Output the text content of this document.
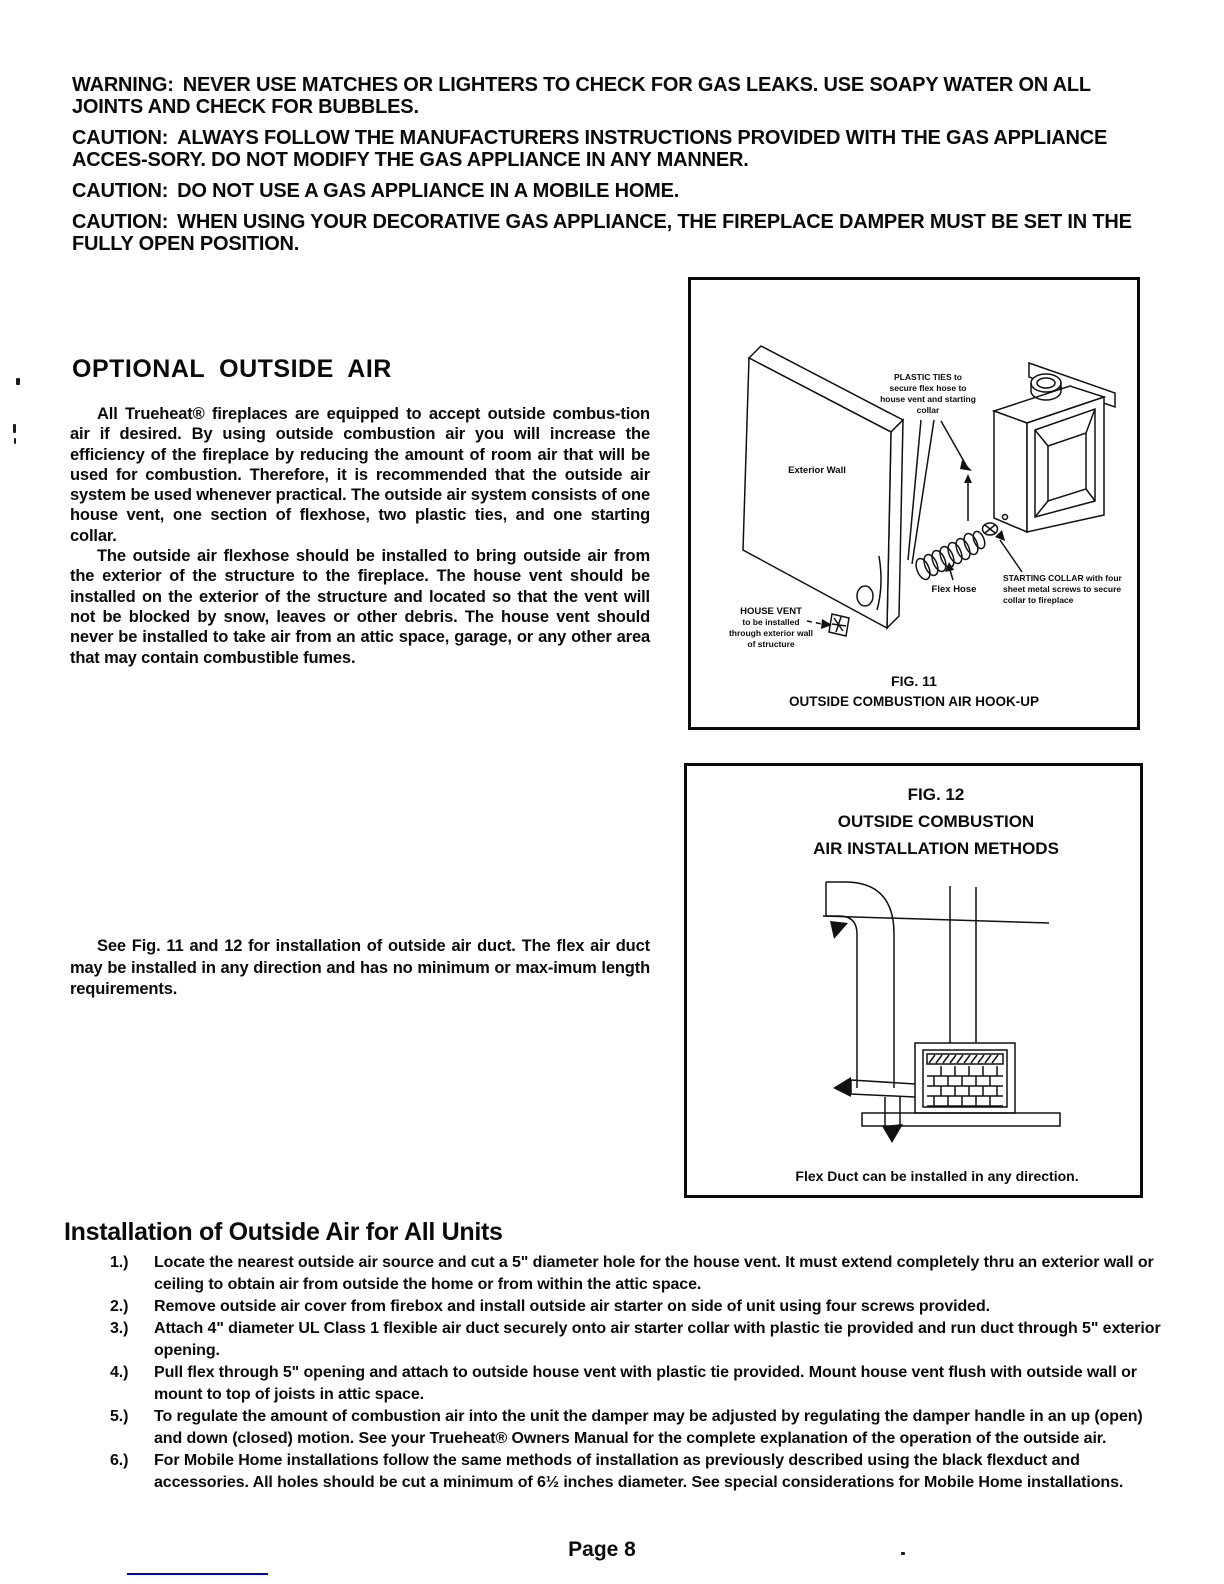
WARNING: NEVER USE MATCHES OR LIGHTERS TO CHECK FOR GAS LEAKS. USE SOAPY WATER ON ALL JOINTS AND CHECK FOR BUBBLES.

CAUTION: ALWAYS FOLLOW THE MANUFACTURERS INSTRUCTIONS PROVIDED WITH THE GAS APPLIANCE ACCES-SORY. DO NOT MODIFY THE GAS APPLIANCE IN ANY MANNER.

CAUTION: DO NOT USE A GAS APPLIANCE IN A MOBILE HOME.

CAUTION: WHEN USING YOUR DECORATIVE GAS APPLIANCE, THE FIREPLACE DAMPER MUST BE SET IN THE FULLY OPEN POSITION.

OPTIONAL OUTSIDE AIR

All Trueheat® fireplaces are equipped to accept outside combus-tion air if desired. By using outside combustion air you will increase the efficiency of the fireplace by reducing the amount of room air that will be used for combustion. Therefore, it is recommended that the outside air system be used whenever practical. The outside air system consists of one house vent, one section of flexhose, two plastic ties, and one starting collar.

The outside air flexhose should be installed to bring outside air from the exterior of the structure to the fireplace. The house vent should be installed on the exterior of the structure and located so that the vent will not be blocked by snow, leaves or other debris. The house vent should never be installed to take air from an attic space, garage, or any other area that may contain combustible fumes.

See Fig. 11 and 12 for installation of outside air duct. The flex air duct may be installed in any direction and has no minimum or max-imum length requirements.

PLASTIC TIES to
secure flex hose to
house vent and starting
collar
Exterior Wall
HOUSE VENT
to be installed
through exterior wall
of structure
Flex Hose
STARTING COLLAR with four
sheet metal screws to secure
collar to fireplace
FIG. 11
OUTSIDE COMBUSTION AIR HOOK-UP
FIG. 12
OUTSIDE COMBUSTION
AIR INSTALLATION METHODS
Flex Duct can be installed in any direction.
Installation of Outside Air for All Units
1.)	Locate the nearest outside air source and cut a 5" diameter hole for the house vent. It must extend completely thru an exterior wall or ceiling to obtain air from outside the home or from within the attic space.
2.)	Remove outside air cover from firebox and install outside air starter on side of unit using four screws provided.
3.)	Attach 4" diameter UL Class 1 flexible air duct securely onto air starter collar with plastic tie provided and run duct through 5" exterior opening.
4.)	Pull flex through 5" opening and attach to outside house vent with plastic tie provided. Mount house vent flush with outside wall or mount to top of joists in attic space.
5.)	To regulate the amount of combustion air into the unit the damper may be adjusted by regulating the damper handle in an up (open) and down (closed) motion. See your Trueheat® Owners Manual for the complete explanation of the operation of the outside air.
6.)	For Mobile Home installations follow the same methods of installation as previously described using the black flexduct and accessories. All holes should be cut a minimum of 6½ inches diameter. See special considerations for Mobile Home installations.
Page 8
